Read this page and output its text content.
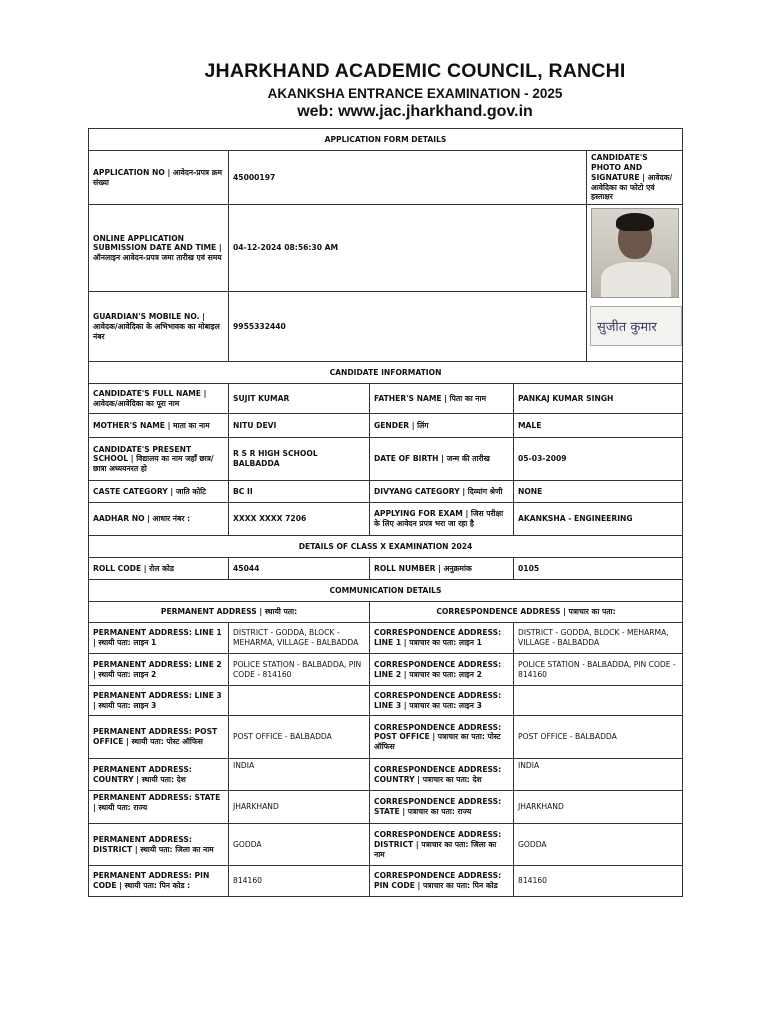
JHARKHAND ACADEMIC COUNCIL, RANCHI
AKANKSHA ENTRANCE EXAMINATION - 2025
web: www.jac.jharkhand.gov.in
APPLICATION FORM DETAILS				
APPLICATION NO | आवेदन-प्रपत्र क्रम संख्या	45000197			CANDIDATE'S PHOTO AND SIGNATURE | आवेदक/आवेदिका का फोटो एवं हस्ताक्षर
ONLINE APPLICATION SUBMISSION DATE AND TIME | ऑनलाइन आवेदन-प्रपत्र जमा तारीख एवं समय	04-12-2024 08:56:30 AM			सुजीत कुमार

GUARDIAN'S MOBILE NO. | आवेदक/आवेदिका के अभिभावक का मोबाइल नंबर	9955332440			
CANDIDATE INFORMATION				
CANDIDATE'S FULL NAME | आवेदक/आवेदिका का पूरा नाम	SUJIT KUMAR	FATHER'S NAME | पिता का नाम	PANKAJ KUMAR SINGH	
MOTHER'S NAME | माता का नाम	NITU DEVI	GENDER | लिंग	MALE	
CANDIDATE'S PRESENT SCHOOL | विद्यालय का नाम जहाँ छात्र/ छात्रा अध्ययनरत हो	R S R HIGH SCHOOL BALBADDA	DATE OF BIRTH | जन्म की तारीख	05-03-2009	
CASTE CATEGORY | जाति कोटि	BC II	DIVYANG CATEGORY | दिव्यांग श्रेणी	NONE	
AADHAR NO | आधार नंबर :	XXXX XXXX 7206	APPLYING FOR EXAM | जिस परीक्षा के लिए आवेदन प्रपत्र भरा जा रहा है	AKANKSHA - ENGINEERING	
DETAILS OF CLASS X EXAMINATION 2024				
ROLL CODE | रोल कोड	45044	ROLL NUMBER | अनुक्रमांक	0105	
COMMUNICATION DETAILS				
PERMANENT ADDRESS | स्थायी पता:		CORRESPONDENCE ADDRESS | पत्राचार का पता:		
PERMANENT ADDRESS: LINE 1 | स्थायी पता: लाइन 1	DISTRICT - GODDA, BLOCK - MEHARMA, VILLAGE - BALBADDA	CORRESPONDENCE ADDRESS: LINE 1 | पत्राचार का पता: लाइन 1	DISTRICT - GODDA, BLOCK - MEHARMA, VILLAGE - BALBADDA	
PERMANENT ADDRESS: LINE 2 | स्थायी पता: लाइन 2	POLICE STATION - BALBADDA, PIN CODE - 814160	CORRESPONDENCE ADDRESS: LINE 2 | पत्राचार का पता: लाइन 2	POLICE STATION - BALBADDA, PIN CODE - 814160	
PERMANENT ADDRESS: LINE 3 | स्थायी पता: लाइन 3		CORRESPONDENCE ADDRESS: LINE 3 | पत्राचार का पता: लाइन 3		
PERMANENT ADDRESS: POST OFFICE | स्थायी पता: पोस्ट ऑफिस	POST OFFICE - BALBADDA	CORRESPONDENCE ADDRESS: POST OFFICE | पत्राचार का पता: पोस्ट ऑफिस	POST OFFICE - BALBADDA	
PERMANENT ADDRESS: COUNTRY | स्थायी पता: देश	INDIA	CORRESPONDENCE ADDRESS: COUNTRY | पत्राचार का पता: देश	INDIA	
PERMANENT ADDRESS: STATE | स्थायी पता: राज्य	JHARKHAND	CORRESPONDENCE ADDRESS: STATE | पत्राचार का पता: राज्य	JHARKHAND	
PERMANENT ADDRESS: DISTRICT | स्थायी पता: जिला का नाम	GODDA	CORRESPONDENCE ADDRESS: DISTRICT | पत्राचार का पता: जिला का नाम	GODDA	
PERMANENT ADDRESS: PIN CODE | स्थायी पता: पिन कोड :	814160	CORRESPONDENCE ADDRESS: PIN CODE | पत्राचार का पता: पिन कोड	814160	
